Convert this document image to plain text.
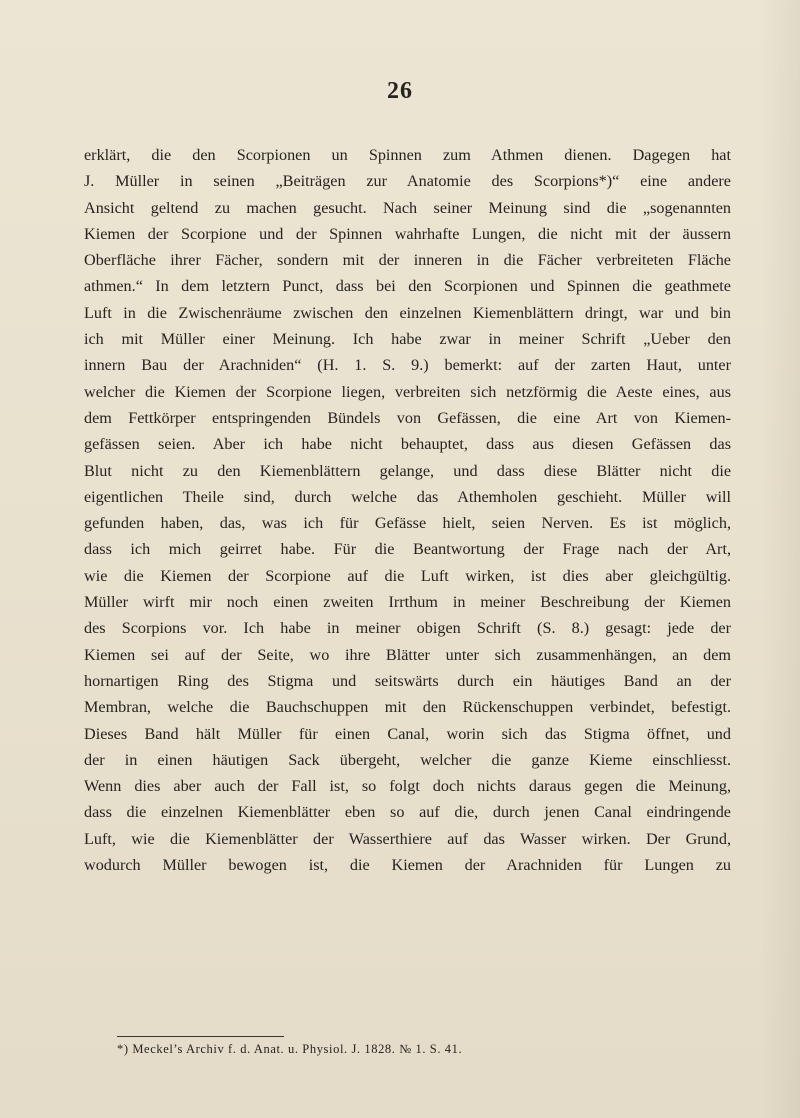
26
erklärt, die den Scorpionen un Spinnen zum Athmen dienen. Dagegen hat
J. Müller in seinen „Beiträgen zur Anatomie des Scorpions*)“ eine andere
Ansicht geltend zu machen gesucht. Nach seiner Meinung sind die „sogenannten
Kiemen der Scorpione und der Spinnen wahrhafte Lungen, die nicht mit der äussern
Oberfläche ihrer Fächer, sondern mit der inneren in die Fächer verbreiteten Fläche
athmen.“ In dem letztern Punct, dass bei den Scorpionen und Spinnen die geathmete
Luft in die Zwischenräume zwischen den einzelnen Kiemenblättern dringt, war und bin
ich mit Müller einer Meinung. Ich habe zwar in meiner Schrift „Ueber den
innern Bau der Arachniden“ (H. 1. S. 9.) bemerkt: auf der zarten Haut, unter
welcher die Kiemen der Scorpione liegen, verbreiten sich netzförmig die Aeste eines, aus
dem Fettkörper entspringenden Bündels von Gefässen, die eine Art von Kiemen-
gefässen seien. Aber ich habe nicht behauptet, dass aus diesen Gefässen das
Blut nicht zu den Kiemenblättern gelange, und dass diese Blätter nicht die
eigentlichen Theile sind, durch welche das Athemholen geschieht. Müller will
gefunden haben, das, was ich für Gefässe hielt, seien Nerven. Es ist möglich,
dass ich mich geirret habe. Für die Beantwortung der Frage nach der Art,
wie die Kiemen der Scorpione auf die Luft wirken, ist dies aber gleichgültig.
Müller wirft mir noch einen zweiten Irrthum in meiner Beschreibung der Kiemen
des Scorpions vor. Ich habe in meiner obigen Schrift (S. 8.) gesagt: jede der
Kiemen sei auf der Seite, wo ihre Blätter unter sich zusammenhängen, an dem
hornartigen Ring des Stigma und seitswärts durch ein häutiges Band an der
Membran, welche die Bauchschuppen mit den Rückenschuppen verbindet, befestigt.
Dieses Band hält Müller für einen Canal, worin sich das Stigma öffnet, und
der in einen häutigen Sack übergeht, welcher die ganze Kieme einschliesst.
Wenn dies aber auch der Fall ist, so folgt doch nichts daraus gegen die Meinung,
dass die einzelnen Kiemenblätter eben so auf die, durch jenen Canal eindringende
Luft, wie die Kiemenblätter der Wasserthiere auf das Wasser wirken. Der Grund,
wodurch Müller bewogen ist, die Kiemen der Arachniden für Lungen zu
*) Meckel’s Archiv f. d. Anat. u. Physiol. J. 1828. № 1. S. 41.
